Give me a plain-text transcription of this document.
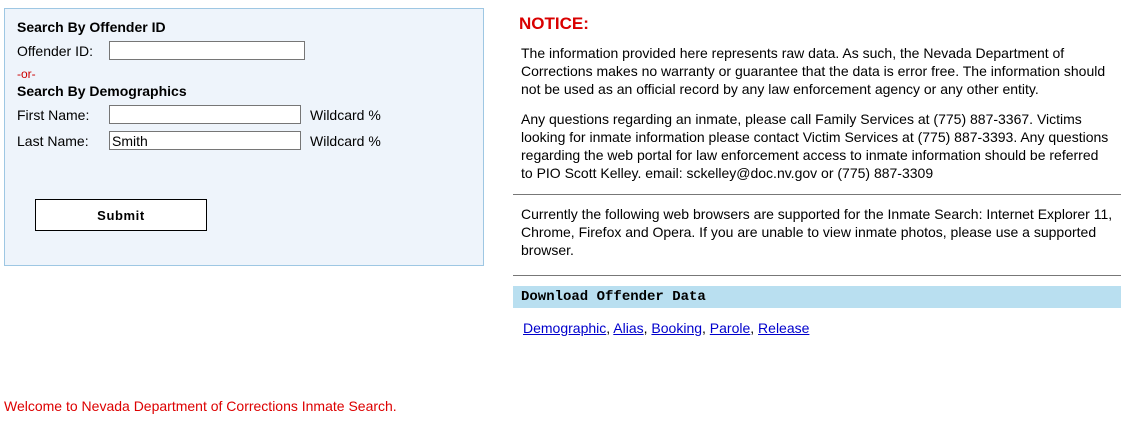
Search By Offender ID
Offender ID:
-or-
Search By Demographics
First Name:	Wildcard %
Last Name:
Smith	Wildcard %
Submit
NOTICE:

The information provided here represents raw data. As such, the Nevada Department of Corrections makes no warranty or guarantee that the data is error free. The information should not be used as an official record by any law enforcement agency or any other entity.

Any questions regarding an inmate, please call Family Services at (775) 887-3367. Victims looking for inmate information please contact Victim Services at (775) 887-3393. Any questions regarding the web portal for law enforcement access to inmate information should be referred to PIO Scott Kelley. email: sckelley@doc.nv.gov or (775) 887-3309

Currently the following web browsers are supported for the Inmate Search: Internet Explorer 11, Chrome, Firefox and Opera. If you are unable to view inmate photos, please use a supported browser.

Download Offender Data
Demographic, Alias, Booking, Parole, Release
Welcome to Nevada Department of Corrections Inmate Search.
